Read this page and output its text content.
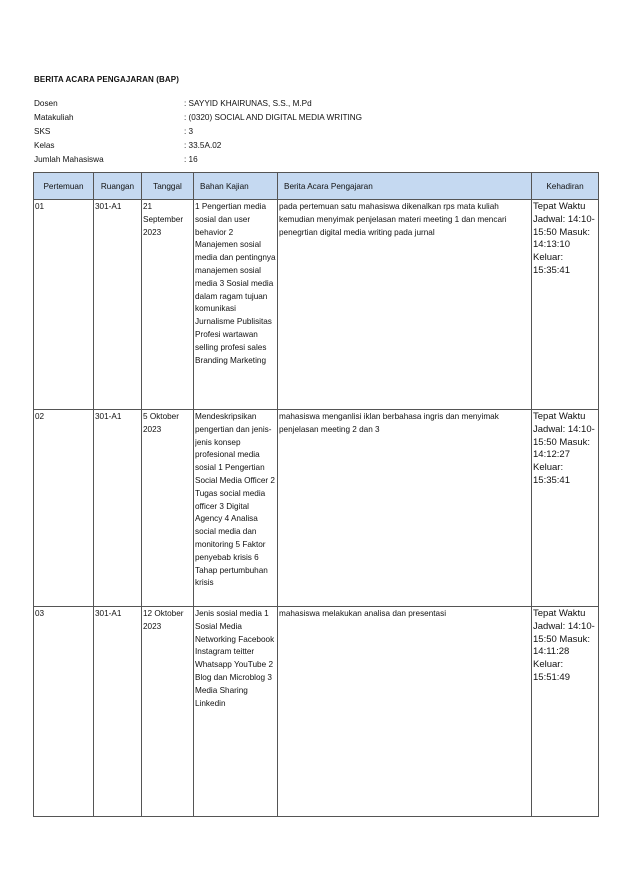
BERITA ACARA PENGAJARAN (BAP)
Dosen	: SAYYID KHAIRUNAS, S.S., M.Pd
Matakuliah	: (0320) SOCIAL AND DIGITAL MEDIA WRITING
SKS	: 3
Kelas	: 33.5A.02
Jumlah Mahasiswa	: 16
Pertemuan	Ruangan	Tanggal	Bahan Kajian	Berita Acara Pengajaran	Kehadiran
01	301-A1	21 September 2023	1 Pengertian media sosial dan user behavior 2 Manajemen sosial media dan pentingnya manajemen sosial media 3 Sosial media dalam ragam tujuan komunikasi Jurnalisme Publisitas Profesi wartawan selling profesi sales Branding Marketing	pada pertemuan satu mahasiswa dikenalkan rps mata kuliah kemudian menyimak penjelasan materi meeting 1 dan mencari penegrtian digital media writing pada jurnal	Tepat Waktu Jadwal: 14:10-15:50 Masuk: 14:13:10 Keluar: 15:35:41
02	301-A1	5 Oktober 2023	Mendeskripsikan pengertian dan jenis-jenis konsep profesional media sosial 1 Pengertian Social Media Officer 2 Tugas social media officer 3 Digital Agency 4 Analisa social media dan monitoring 5 Faktor penyebab krisis 6 Tahap pertumbuhan krisis	mahasiswa menganlisi iklan berbahasa ingris dan menyimak penjelasan meeting 2 dan 3	Tepat Waktu Jadwal: 14:10-15:50 Masuk: 14:12:27 Keluar: 15:35:41
03	301-A1	12 Oktober 2023	Jenis sosial media 1 Sosial Media Networking Facebook Instagram teitter Whatsapp YouTube 2 Blog dan Microblog 3 Media Sharing Linkedin	mahasiswa melakukan analisa dan presentasi	Tepat Waktu Jadwal: 14:10-15:50 Masuk: 14:11:28 Keluar: 15:51:49
